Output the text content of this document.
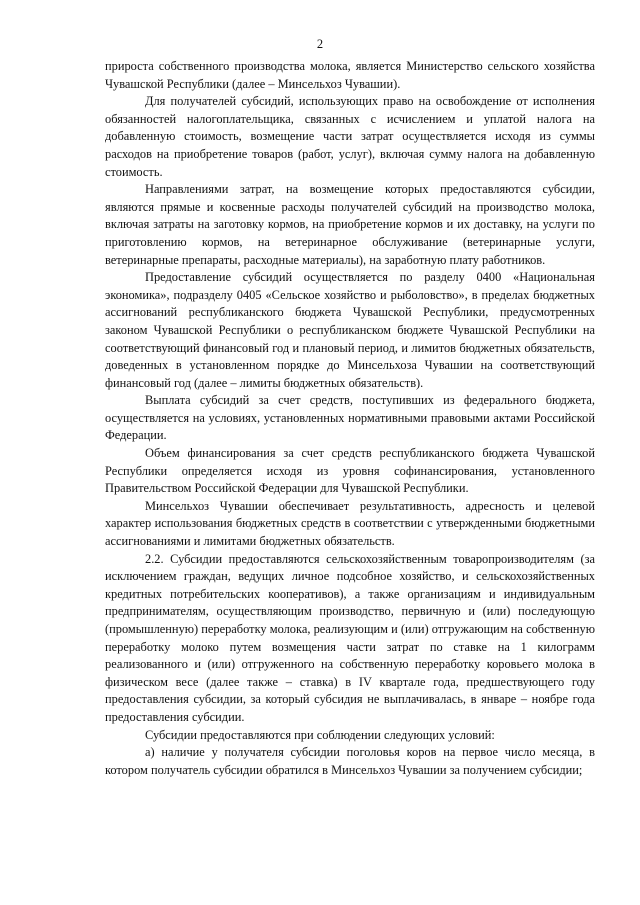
2

прироста собственного производства молока, является Министерство сельского хозяйства Чувашской Республики (далее – Минсельхоз Чувашии).

Для получателей субсидий, использующих право на освобождение от исполнения обязанностей налогоплательщика, связанных с исчислением и уплатой налога на добавленную стоимость, возмещение части затрат осуществляется исходя из суммы расходов на приобретение товаров (работ, услуг), включая сумму налога на добавленную стоимость.

Направлениями затрат, на возмещение которых предоставляются субсидии, являются прямые и косвенные расходы получателей субсидий на производство молока, включая затраты на заготовку кормов, на приобретение кормов и их доставку, на услуги по приготовлению кормов, на ветеринарное обслуживание (ветеринарные услуги, ветеринарные препараты, расходные материалы), на заработную плату работников.

Предоставление субсидий осуществляется по разделу 0400 «Национальная экономика», подразделу 0405 «Сельское хозяйство и рыболовство», в пределах бюджетных ассигнований республиканского бюджета Чувашской Республики, предусмотренных законом Чувашской Республики о республиканском бюджете Чувашской Республики на соответствующий финансовый год и плановый период, и лимитов бюджетных обязательств, доведенных в установленном порядке до Минсельхоза Чувашии на соответствующий финансовый год (далее – лимиты бюджетных обязательств).

Выплата субсидий за счет средств, поступивших из федерального бюджета, осуществляется на условиях, установленных нормативными правовыми актами Российской Федерации.

Объем финансирования за счет средств республиканского бюджета Чувашской Республики определяется исходя из уровня софинансирования, установленного Правительством Российской Федерации для Чувашской Республики.

Минсельхоз Чувашии обеспечивает результативность, адресность и целевой характер использования бюджетных средств в соответствии с утвержденными бюджетными ассигнованиями и лимитами бюджетных обязательств.

2.2. Субсидии предоставляются сельскохозяйственным товаропроизводителям (за исключением граждан, ведущих личное подсобное хозяйство, и сельскохозяйственных кредитных потребительских кооперативов), а также организациям и индивидуальным предпринимателям, осуществляющим производство, первичную и (или) последующую (промышленную) переработку молока, реализующим и (или) отгружающим на собственную переработку молоко путем возмещения части затрат по ставке на 1 килограмм реализованного и (или) отгруженного на собственную переработку коровьего молока в физическом весе (далее также – ставка) в IV квартале года, предшествующего году предоставления субсидии, за который субсидия не выплачивалась, в январе – ноябре года предоставления субсидии.

Субсидии предоставляются при соблюдении следующих условий:

а) наличие у получателя субсидии поголовья коров на первое число месяца, в котором получатель субсидии обратился в Минсельхоз Чувашии за получением субсидии;
